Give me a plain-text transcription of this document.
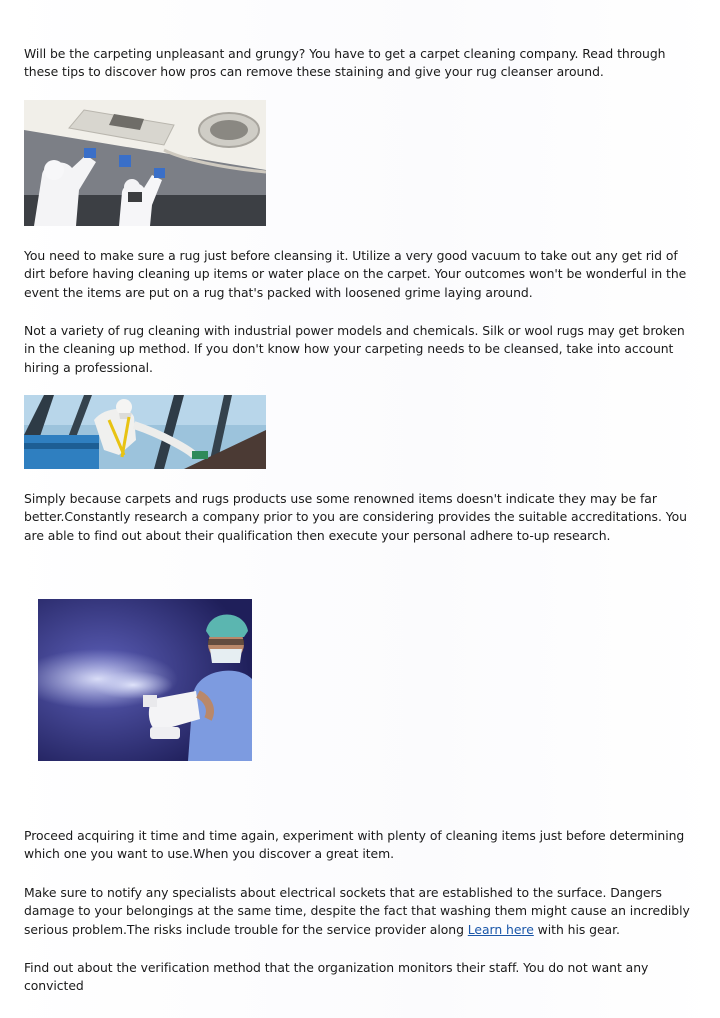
Will be the carpeting unpleasant and grungy? You have to get a carpet cleaning company. Read through these tips to discover how pros can remove these staining and give your rug cleanser around.

You need to make sure a rug just before cleansing it. Utilize a very good vacuum to take out any get rid of dirt before having cleaning up items or water place on the carpet. Your outcomes won't be wonderful in the event the items are put on a rug that's packed with loosened grime laying around.

Not a variety of rug cleaning with industrial power models and chemicals. Silk or wool rugs may get broken in the cleaning up method. If you don't know how your carpeting needs to be cleansed, take into account hiring a professional.

Simply because carpets and rugs products use some renowned items doesn't indicate they may be far better.Constantly research a company prior to you are considering provides the suitable accreditations. You are able to find out about their qualification then execute your personal adhere to-up research.

Proceed acquiring it time and time again, experiment with plenty of cleaning items just before determining which one you want to use.When you discover a great item.

Make sure to notify any specialists about electrical sockets that are established to the surface. Dangers damage to your belongings at the same time, despite the fact that washing them might cause an incredibly serious problem.The risks include trouble for the service provider along Learn here with his gear.

Find out about the verification method that the organization monitors their staff. You do not want any convicted
